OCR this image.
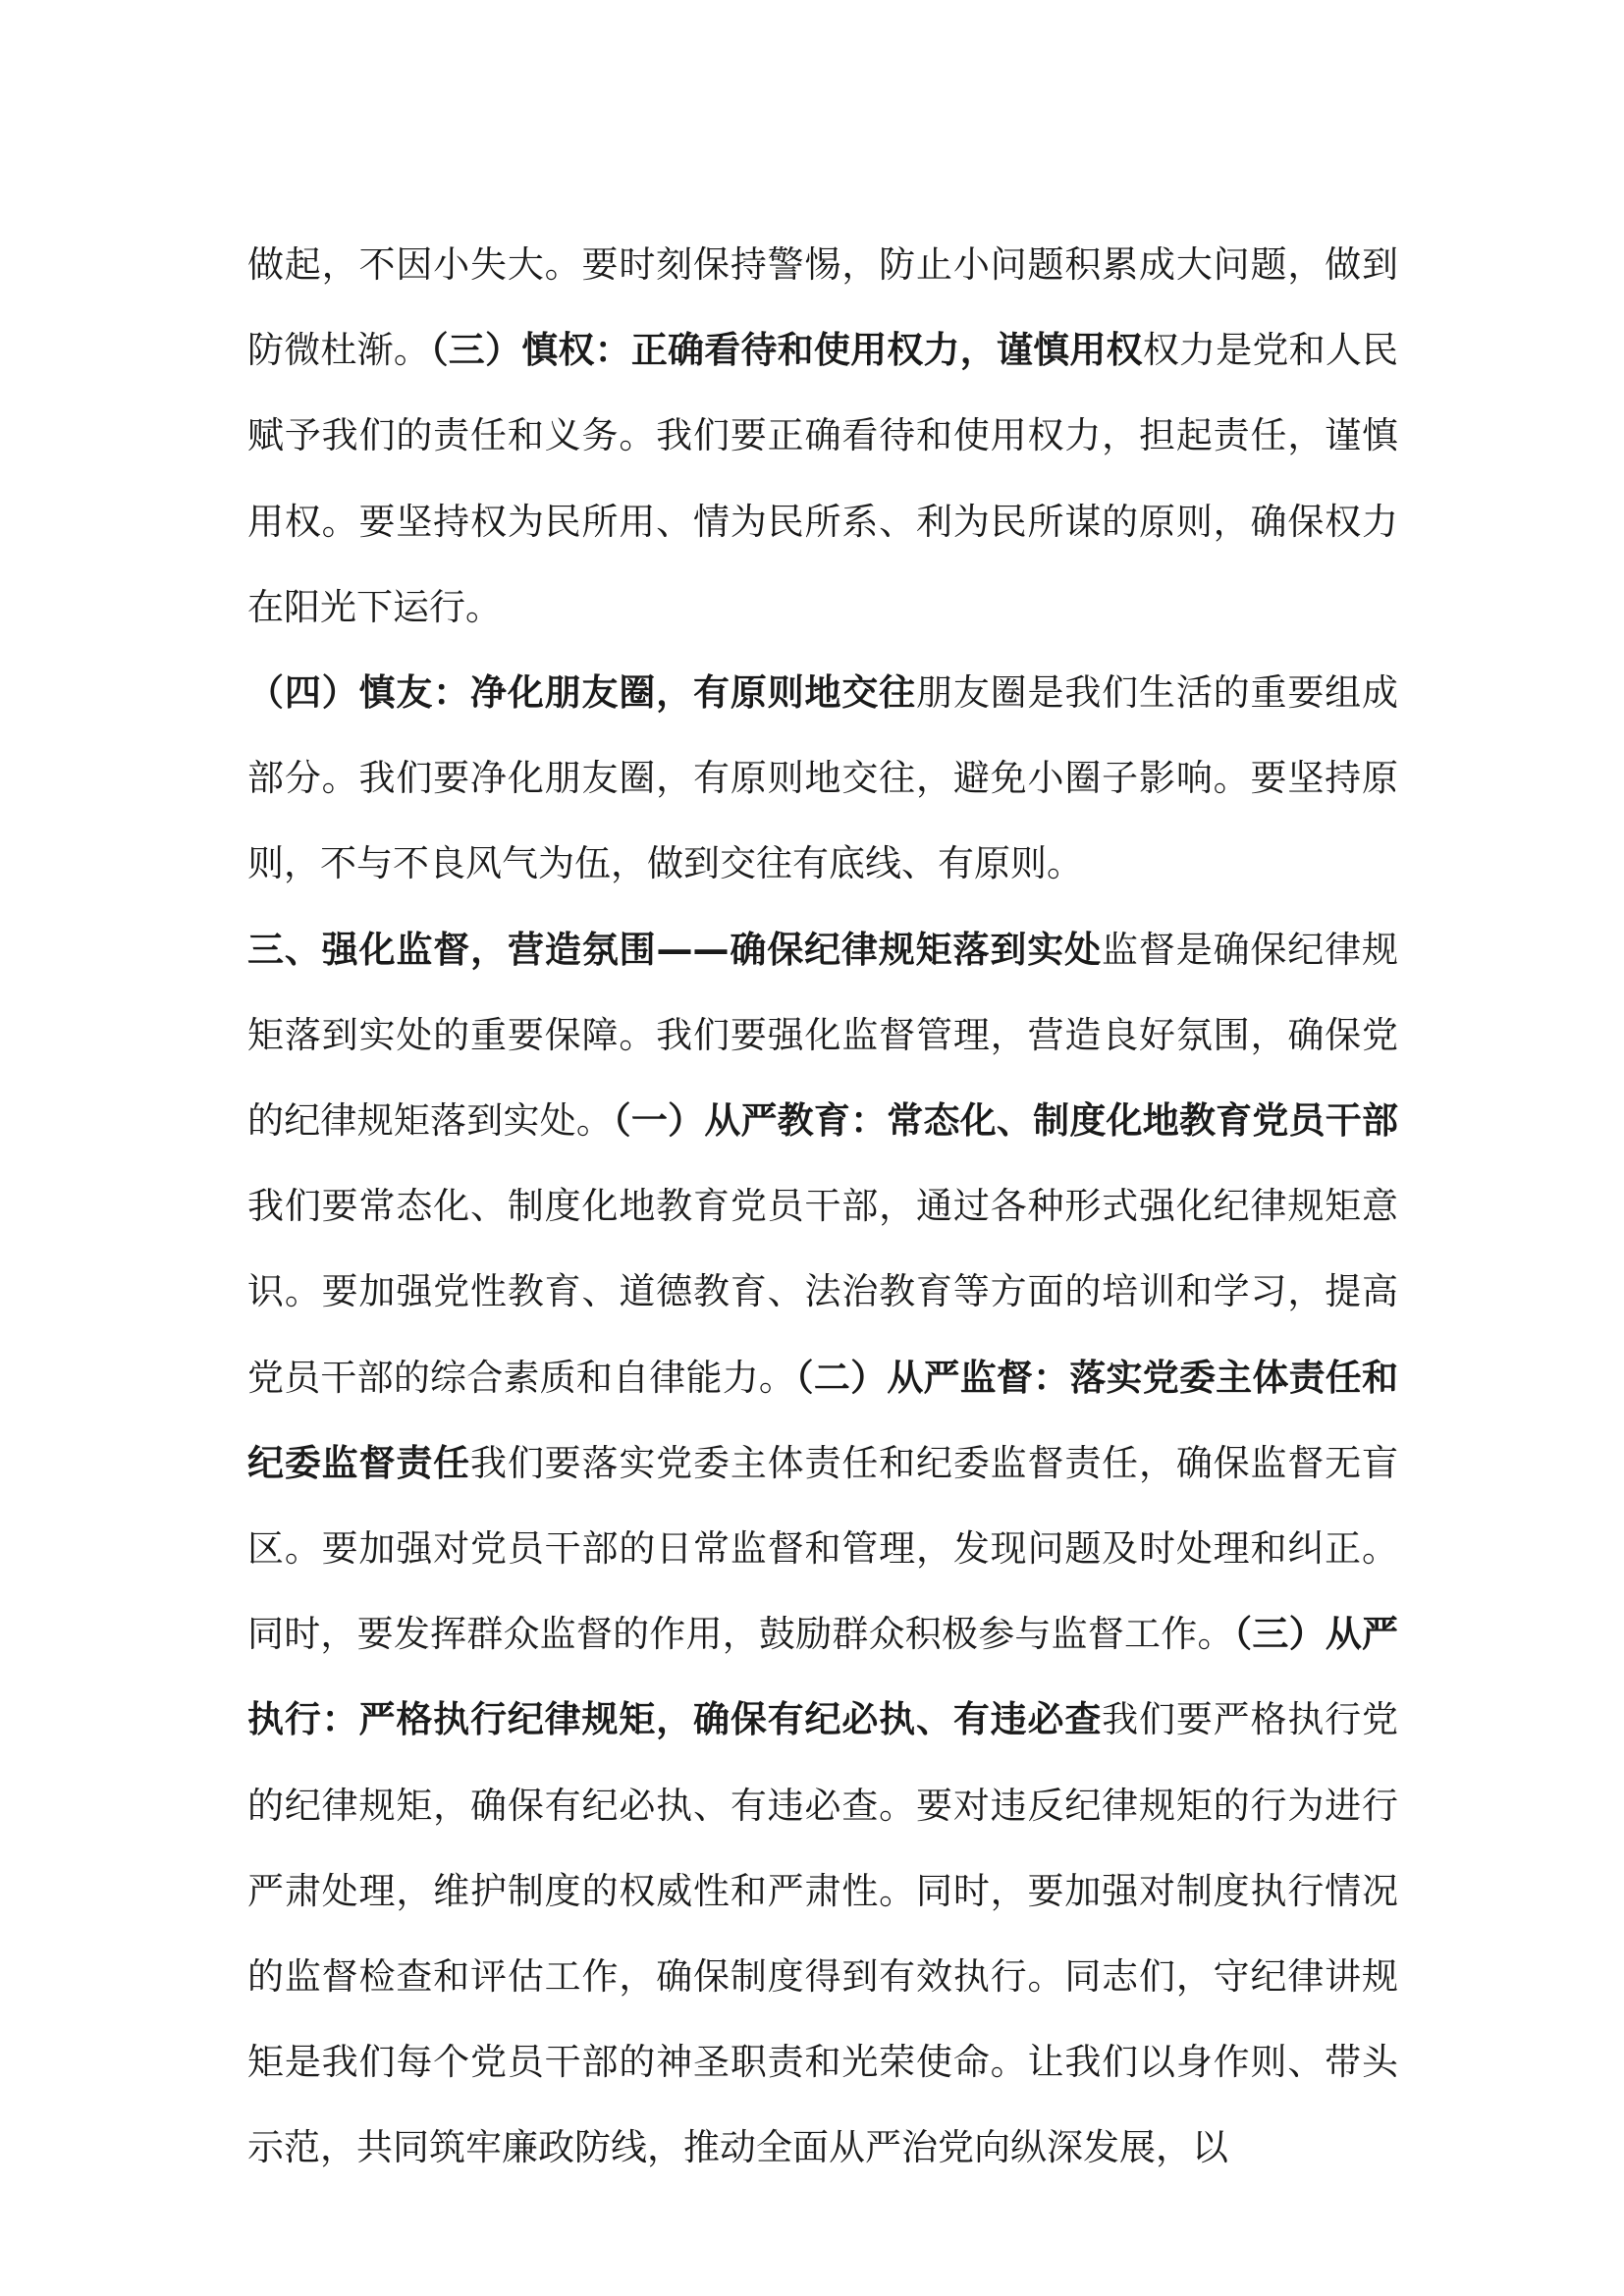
做起，不因小失大。要时刻保持警惕，防止小问题积累成大问题，做到防微杜渐。（三）慎权：正确看待和使用权力，谨慎用权权力是党和人民赋予我们的责任和义务。我们要正确看待和使用权力，担起责任，谨慎用权。要坚持权为民所用、情为民所系、利为民所谋的原则，确保权力在阳光下运行。

（四）慎友：净化朋友圈，有原则地交往朋友圈是我们生活的重要组成部分。我们要净化朋友圈，有原则地交往，避免小圈子影响。要坚持原则，不与不良风气为伍，做到交往有底线、有原则。

三、强化监督，营造氛围——确保纪律规矩落到实处监督是确保纪律规矩落到实处的重要保障。我们要强化监督管理，营造良好氛围，确保党的纪律规矩落到实处。（一）从严教育：常态化、制度化地教育党员干部我们要常态化、制度化地教育党员干部，通过各种形式强化纪律规矩意识。要加强党性教育、道德教育、法治教育等方面的培训和学习，提高党员干部的综合素质和自律能力。（二）从严监督：落实党委主体责任和纪委监督责任我们要落实党委主体责任和纪委监督责任，确保监督无盲区。要加强对党员干部的日常监督和管理，发现问题及时处理和纠正。同时，要发挥群众监督的作用，鼓励群众积极参与监督工作。（三）从严执行：严格执行纪律规矩，确保有纪必执、有违必查我们要严格执行党的纪律规矩，确保有纪必执、有违必查。要对违反纪律规矩的行为进行严肃处理，维护制度的权威性和严肃性。同时，要加强对制度执行情况的监督检查和评估工作，确保制度得到有效执行。同志们，守纪律讲规矩是我们每个党员干部的神圣职责和光荣使命。让我们以身作则、带头示范，共同筑牢廉政防线，推动全面从严治党向纵深发展，以
